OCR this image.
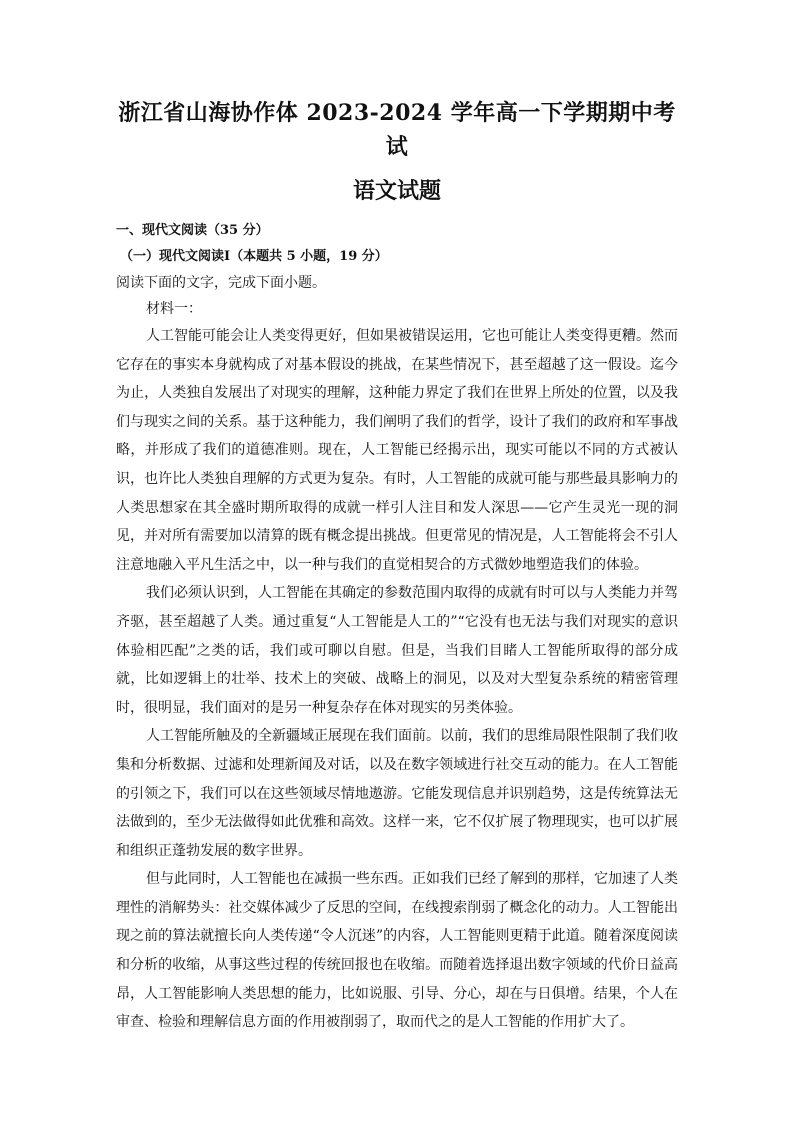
浙江省山海协作体 2023-2024 学年高一下学期期中考试
语文试题

一、现代文阅读（35 分）

（一）现代文阅读Ⅰ（本题共 5 小题，19 分）

阅读下面的文字，完成下面小题。

材料一：

人工智能可能会让人类变得更好，但如果被错误运用，它也可能让人类变得更糟。然而它存在的事实本身就构成了对基本假设的挑战，在某些情况下，甚至超越了这一假设。迄今为止，人类独自发展出了对现实的理解，这种能力界定了我们在世界上所处的位置，以及我们与现实之间的关系。基于这种能力，我们阐明了我们的哲学，设计了我们的政府和军事战略，并形成了我们的道德准则。现在，人工智能已经揭示出，现实可能以不同的方式被认识，也许比人类独自理解的方式更为复杂。有时，人工智能的成就可能与那些最具影响力的人类思想家在其全盛时期所取得的成就一样引人注目和发人深思——它产生灵光一现的洞见，并对所有需要加以清算的既有概念提出挑战。但更常见的情况是，人工智能将会不引人注意地融入平凡生活之中，以一种与我们的直觉相契合的方式微妙地塑造我们的体验。

我们必须认识到，人工智能在其确定的参数范围内取得的成就有时可以与人类能力并驾齐驱，甚至超越了人类。通过重复“人工智能是人工的”“它没有也无法与我们对现实的意识体验相匹配”之类的话，我们或可聊以自慰。但是，当我们目睹人工智能所取得的部分成就，比如逻辑上的壮举、技术上的突破、战略上的洞见，以及对大型复杂系统的精密管理时，很明显，我们面对的是另一种复杂存在体对现实的另类体验。

人工智能所触及的全新疆域正展现在我们面前。以前，我们的思维局限性限制了我们收集和分析数据、过滤和处理新闻及对话，以及在数字领域进行社交互动的能力。在人工智能的引领之下，我们可以在这些领域尽情地遨游。它能发现信息并识别趋势，这是传统算法无法做到的，至少无法做得如此优雅和高效。这样一来，它不仅扩展了物理现实，也可以扩展和组织正蓬勃发展的数字世界。

但与此同时，人工智能也在减损一些东西。正如我们已经了解到的那样，它加速了人类理性的消解势头：社交媒体减少了反思的空间，在线搜索削弱了概念化的动力。人工智能出现之前的算法就擅长向人类传递“令人沉迷”的内容，人工智能则更精于此道。随着深度阅读和分析的收缩，从事这些过程的传统回报也在收缩。而随着选择退出数字领域的代价日益高昂，人工智能影响人类思想的能力，比如说服、引导、分心，却在与日俱增。结果，个人在审查、检验和理解信息方面的作用被削弱了，取而代之的是人工智能的作用扩大了。
